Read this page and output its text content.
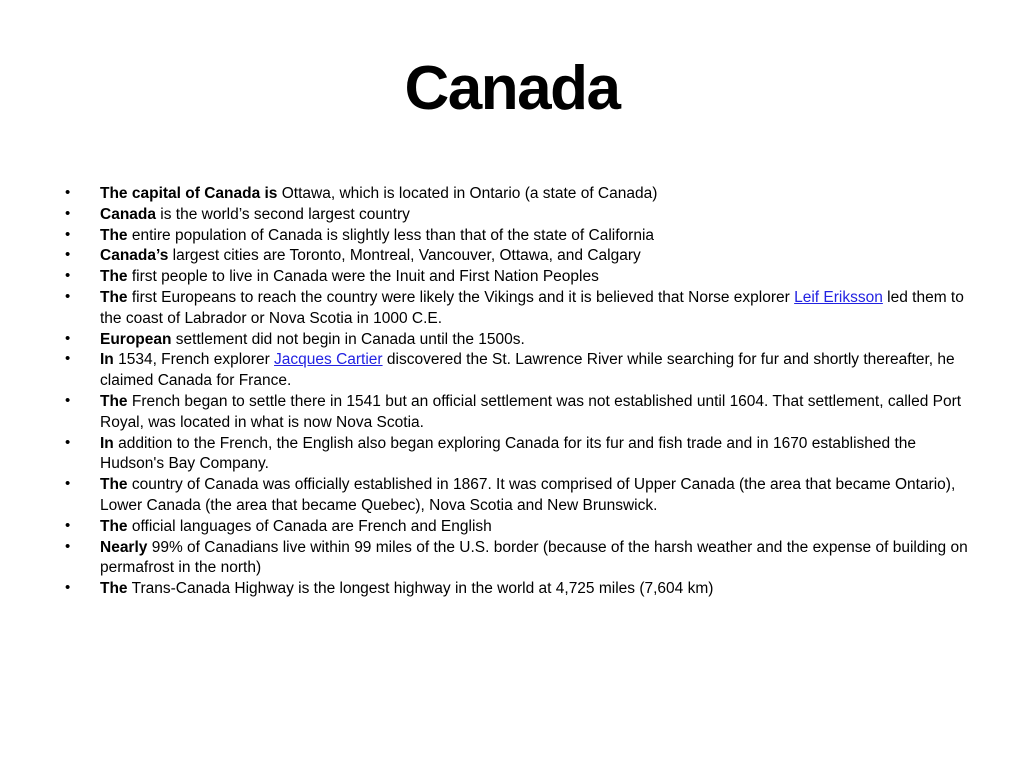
Canada
• The capital of Canada is Ottawa, which is located in Ontario (a state of Canada)
• Canada is the world’s second largest country
• The entire population of Canada is slightly less than that of the state of California
• Canada’s largest cities are Toronto, Montreal, Vancouver, Ottawa, and Calgary
• The first people to live in Canada were the Inuit and First Nation Peoples
• The first Europeans to reach the country were likely the Vikings and it is believed that Norse explorer Leif Eriksson led them to the coast of Labrador or Nova Scotia in 1000 C.E.
• European settlement did not begin in Canada until the 1500s.
• In 1534, French explorer Jacques Cartier discovered the St. Lawrence River while searching for fur and shortly thereafter, he claimed Canada for France.
• The French began to settle there in 1541 but an official settlement was not established until 1604. That settlement, called Port Royal, was located in what is now Nova Scotia.
• In addition to the French, the English also began exploring Canada for its fur and fish trade and in 1670 established the Hudson's Bay Company.
• The country of Canada was officially established in 1867. It was comprised of Upper Canada (the area that became Ontario), Lower Canada (the area that became Quebec), Nova Scotia and New Brunswick.
• The official languages of Canada are French and English
• Nearly 99% of Canadians live within 99 miles of the U.S. border (because of the harsh weather and the expense of building on permafrost in the north)
• The Trans-Canada Highway is the longest highway in the world at 4,725 miles (7,604 km)
